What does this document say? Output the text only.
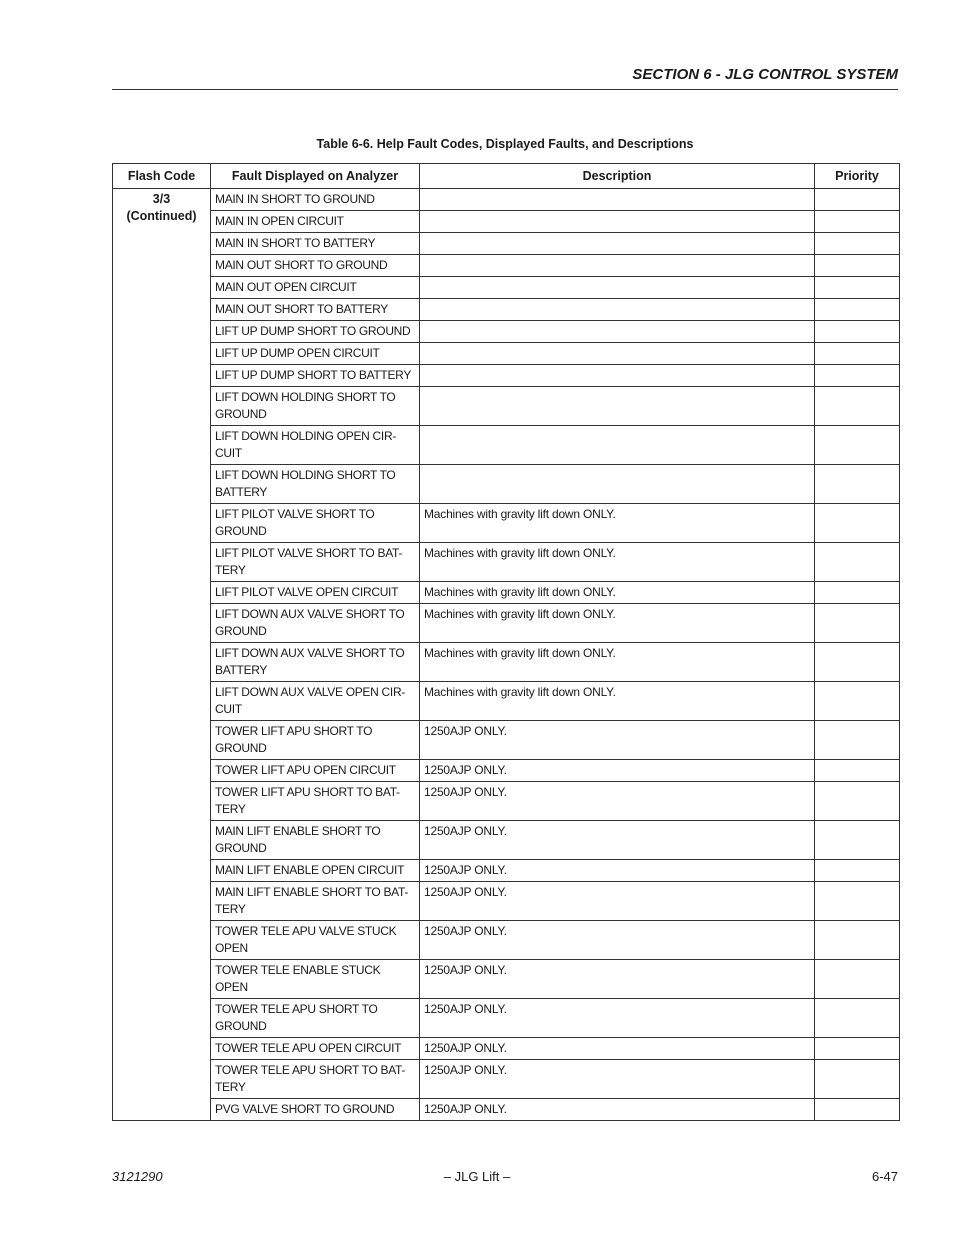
SECTION 6 - JLG CONTROL SYSTEM
Table 6-6. Help Fault Codes, Displayed Faults, and Descriptions
Flash Code	Fault Displayed on Analyzer	Description	Priority

3/3
(Continued)	MAIN IN SHORT TO GROUND		
	MAIN IN OPEN CIRCUIT		
	MAIN IN SHORT TO BATTERY		
	MAIN OUT SHORT TO GROUND		
	MAIN OUT OPEN CIRCUIT		
	MAIN OUT SHORT TO BATTERY		
	LIFT UP DUMP SHORT TO GROUND		
	LIFT UP DUMP OPEN CIRCUIT		
	LIFT UP DUMP SHORT TO BATTERY		
	LIFT DOWN HOLDING SHORT TO GROUND		
	LIFT DOWN HOLDING OPEN CIR-CUIT		
	LIFT DOWN HOLDING SHORT TO BATTERY		
	LIFT PILOT VALVE SHORT TO GROUND	Machines with gravity lift down ONLY.	
	LIFT PILOT VALVE SHORT TO BAT-TERY	Machines with gravity lift down ONLY.	
	LIFT PILOT VALVE OPEN CIRCUIT	Machines with gravity lift down ONLY.	
	LIFT DOWN AUX VALVE SHORT TO GROUND	Machines with gravity lift down ONLY.	
	LIFT DOWN AUX VALVE SHORT TO BATTERY	Machines with gravity lift down ONLY.	
	LIFT DOWN AUX VALVE OPEN CIR-CUIT	Machines with gravity lift down ONLY.	
	TOWER LIFT APU SHORT TO GROUND	1250AJP ONLY.	
	TOWER LIFT APU OPEN CIRCUIT	1250AJP ONLY.	
	TOWER LIFT APU SHORT TO BAT-TERY	1250AJP ONLY.	
	MAIN LIFT ENABLE SHORT TO GROUND	1250AJP ONLY.	
	MAIN LIFT ENABLE OPEN CIRCUIT	1250AJP ONLY.	
	MAIN LIFT ENABLE SHORT TO BAT-TERY	1250AJP ONLY.	
	TOWER TELE APU VALVE STUCK OPEN	1250AJP ONLY.	
	TOWER TELE ENABLE STUCK OPEN	1250AJP ONLY.	
	TOWER TELE APU SHORT TO GROUND	1250AJP ONLY.	
	TOWER TELE APU OPEN CIRCUIT	1250AJP ONLY.	
	TOWER TELE APU SHORT TO BAT-TERY	1250AJP ONLY.	
	PVG VALVE SHORT TO GROUND	1250AJP ONLY.	
3121290	– JLG Lift –	6-47
